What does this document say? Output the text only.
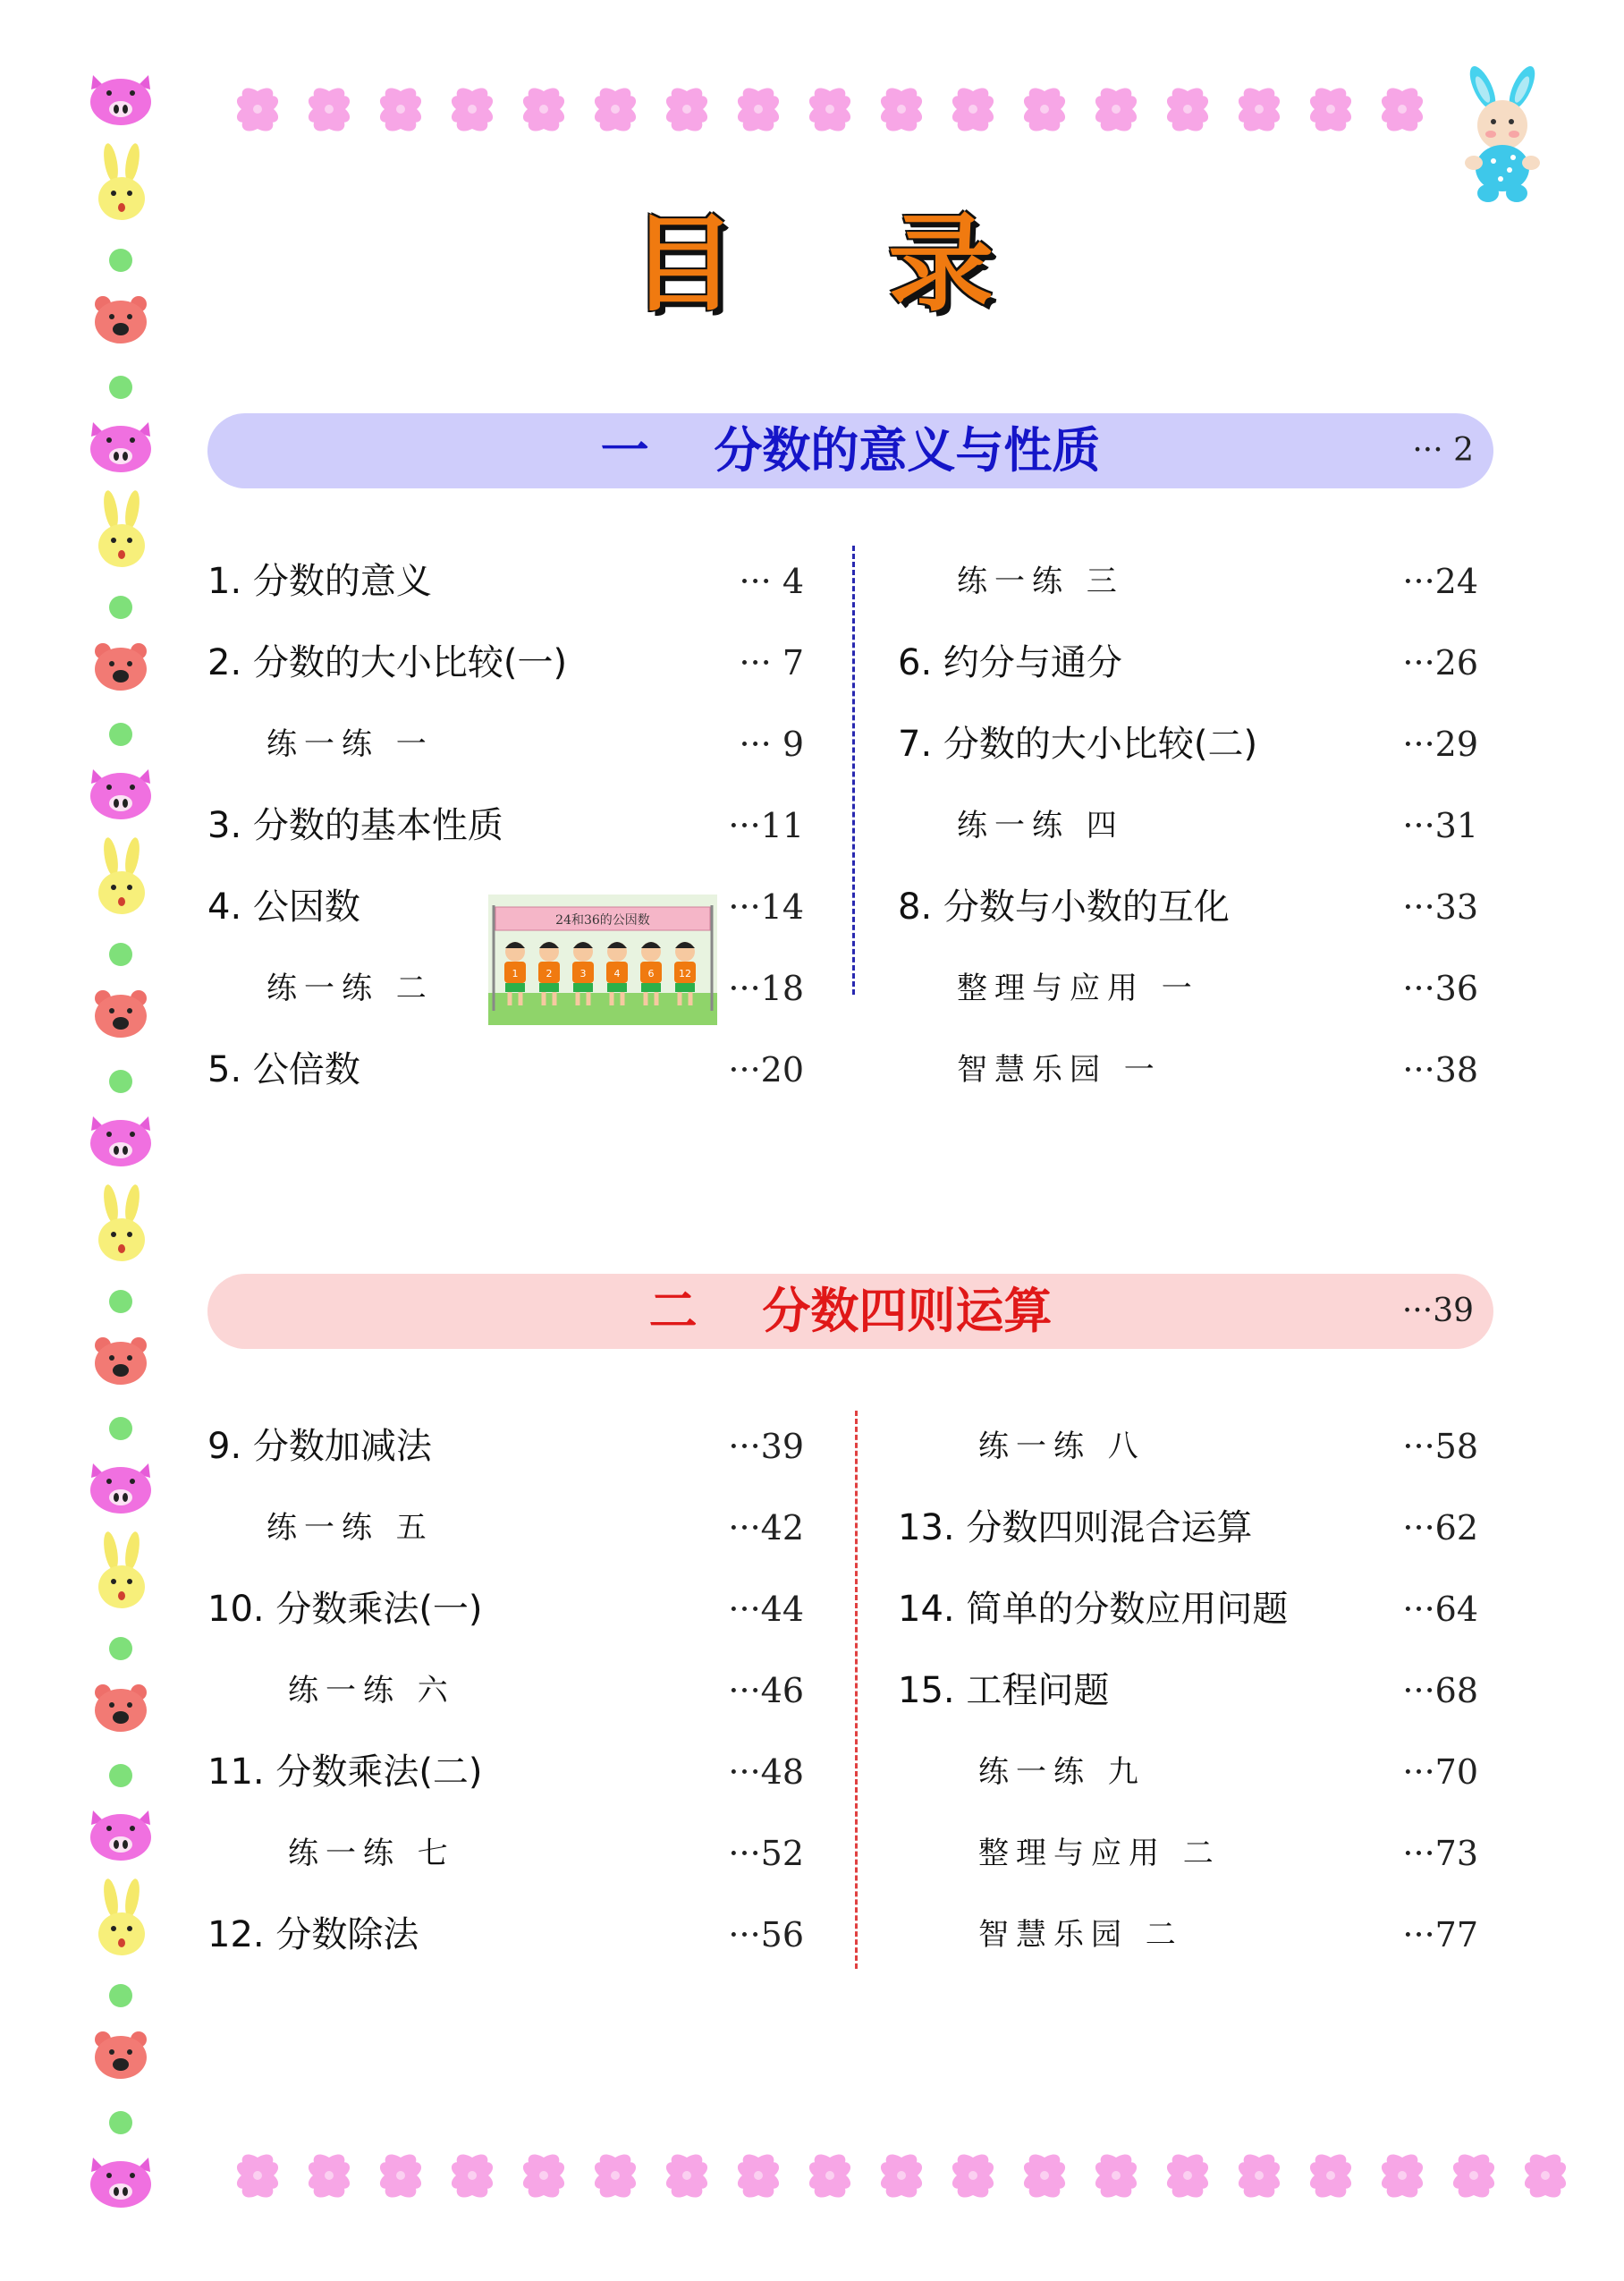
目 录
一　 分数的意义与性质	··· 2
1. 分数的意义	··· 4
2. 分数的大小比较(一)	··· 7
练一练 一	··· 9
3. 分数的基本性质	···11
4. 公因数	···14
练一练 二	···18
5. 公倍数	···20
练一练 三	···24
6. 约分与通分	···26
7. 分数的大小比较(二)	···29
练一练 四	···31
8. 分数与小数的互化	···33
整理与应用 一	···36
智慧乐园 一	···38
二　 分数四则运算	···39
9. 分数加减法	···39
练一练 五	···42
10. 分数乘法(一)	···44
练一练 六	···46
11. 分数乘法(二)	···48
练一练 七	···52
12. 分数除法	···56
练一练 八	···58
13. 分数四则混合运算	···62
14. 简单的分数应用问题	···64
15. 工程问题	···68
练一练 九	···70
整理与应用 二	···73
智慧乐园 二	···77
24和36的公因数
1	2	3	4	6	12
